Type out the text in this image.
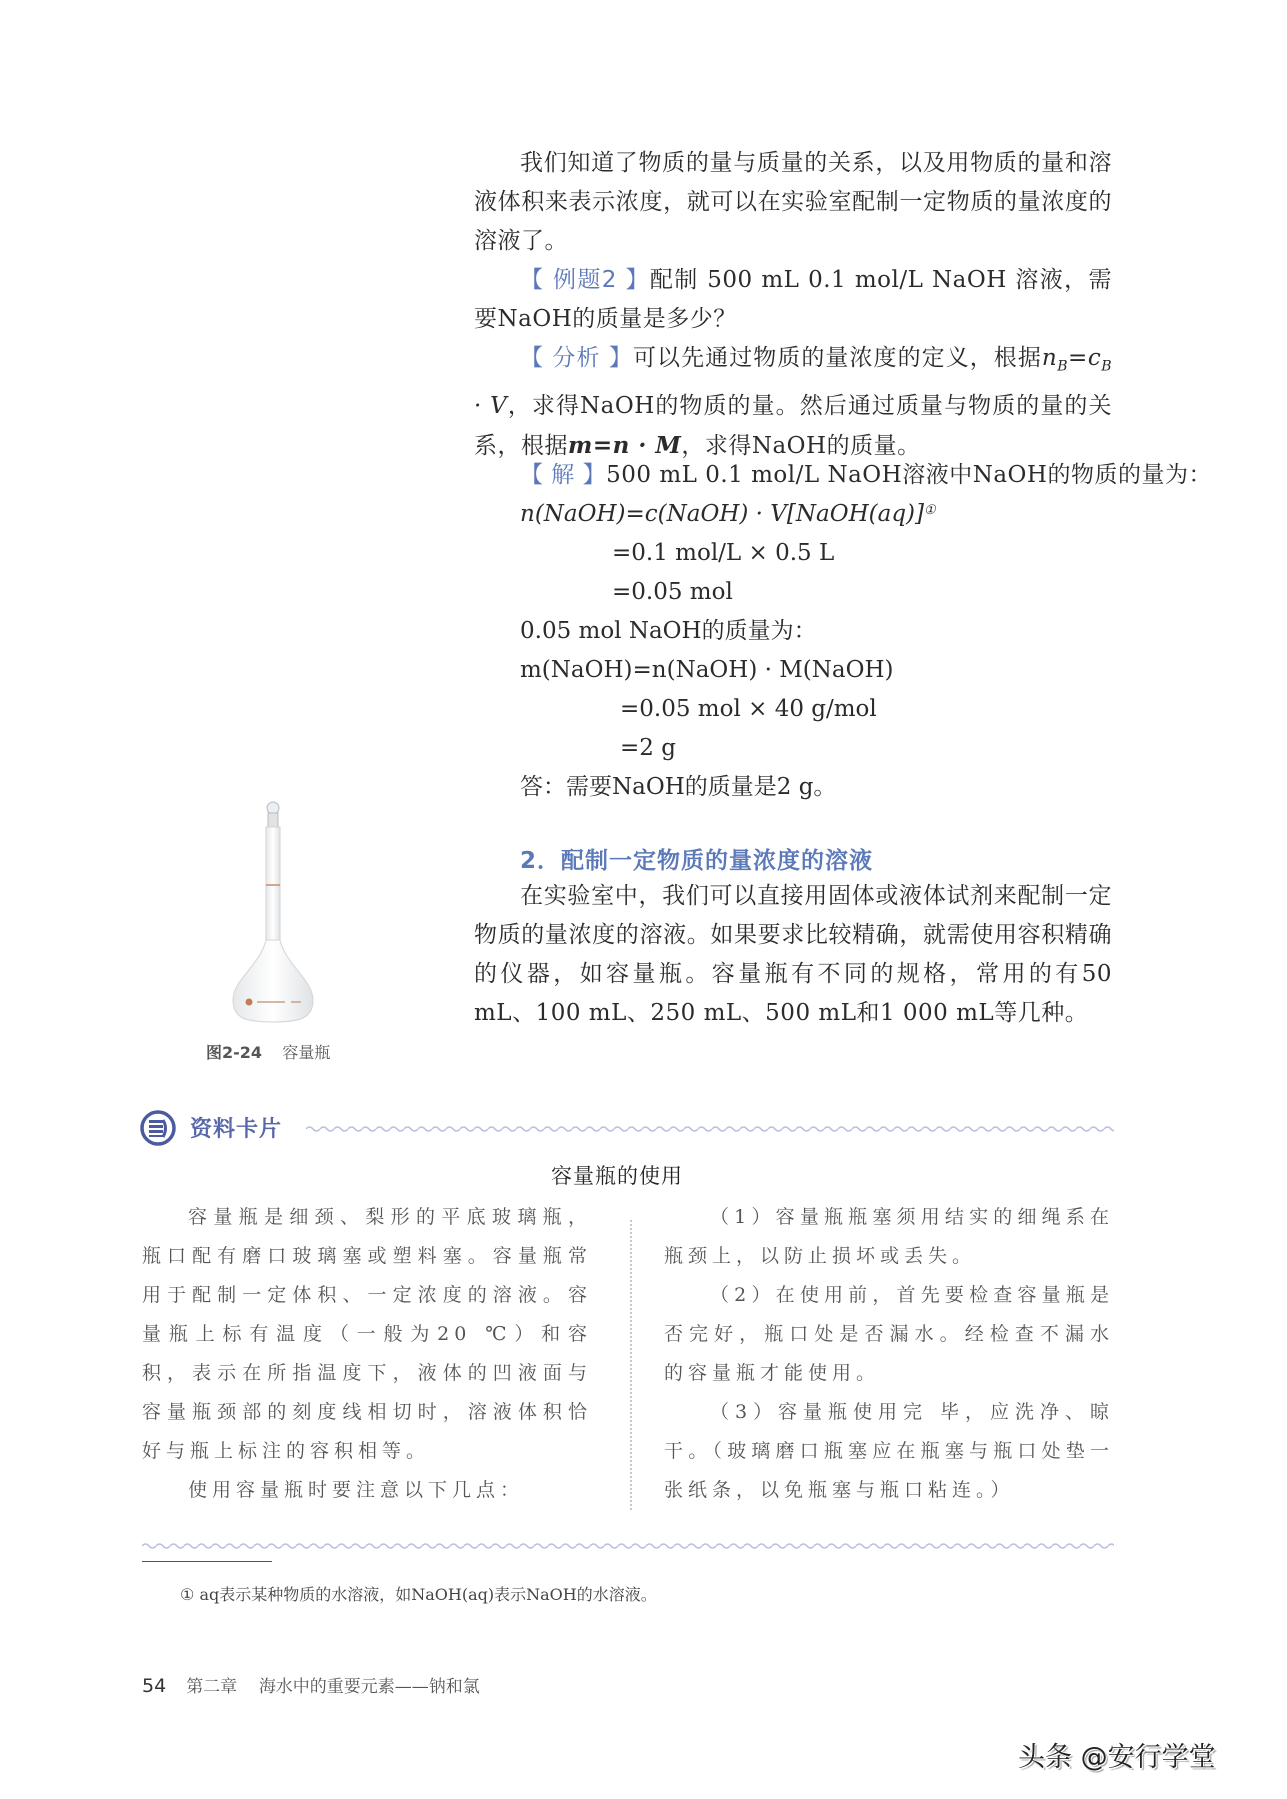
我们知道了物质的量与质量的关系，以及用物质的量和溶液体积来表示浓度，就可以在实验室配制一定物质的量浓度的溶液了。
【 例题2 】配制 500 mL 0.1 mol/L NaOH 溶液，需要NaOH的质量是多少？
【 分析 】可以先通过物质的量浓度的定义，根据$n_B=c_B \cdot V$，求得NaOH的物质的量。然后通过质量与物质的量的关系，根据m=n · M，求得NaOH的质量。
【 解 】500 mL 0.1 mol/L NaOH溶液中NaOH的物质的量为：
n(NaOH)=c(NaOH) · V[NaOH(aq)]①
=0.1 mol/L × 0.5 L
=0.05 mol
0.05 mol NaOH的质量为：
m(NaOH)=n(NaOH) · M(NaOH)
=0.05 mol × 40 g/mol
=2 g
答：需要NaOH的质量是2 g。
2．配制一定物质的量浓度的溶液
在实验室中，我们可以直接用固体或液体试剂来配制一定物质的量浓度的溶液。如果要求比较精确，就需使用容积精确的仪器，如容量瓶。容量瓶有不同的规格，常用的有50 mL、100 mL、250 mL、500 mL和1 000 mL等几种。
图2-24 容量瓶
资料卡片
容量瓶的使用
容量瓶是细颈、梨形的平底玻璃瓶，瓶口配有磨口玻璃塞或塑料塞。容量瓶常用于配制一定体积、一定浓度的溶液。容量瓶上标有温度（一般为20 ℃）和容积，表示在所指温度下，液体的凹液面与容量瓶颈部的刻度线相切时，溶液体积恰好与瓶上标注的容积相等。
使用容量瓶时要注意以下几点：
（1）容量瓶瓶塞须用结实的细绳系在瓶颈上，以防止损坏或丢失。
（2）在使用前，首先要检查容量瓶是否完好，瓶口处是否漏水。经检查不漏水的容量瓶才能使用。
（3）容量瓶使用完 毕，应洗净、晾干。（玻璃磨口瓶塞应在瓶塞与瓶口处垫一张纸条，以免瓶塞与瓶口粘连。）
① aq表示某种物质的水溶液，如NaOH(aq)表示NaOH的水溶液。
54 第二章 海水中的重要元素——钠和氯
头条 @安行学堂
